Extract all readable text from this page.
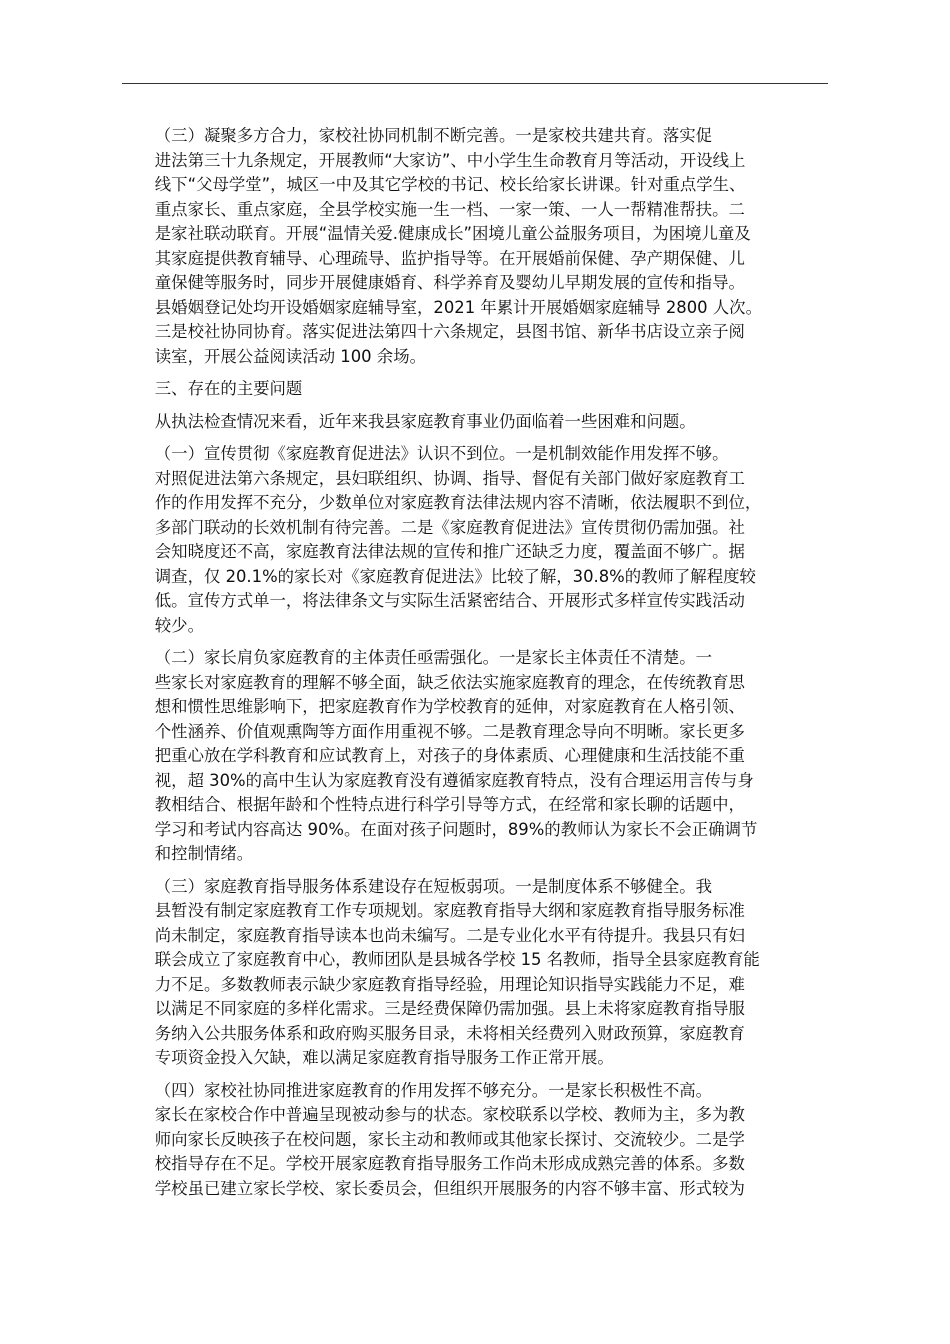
（三）凝聚多方合力，家校社协同机制不断完善。一是家校共建共育。落实促
进法第三十九条规定，开展教师“大家访”、中小学生生命教育月等活动，开设线上
线下“父母学堂”，城区一中及其它学校的书记、校长给家长讲课。针对重点学生、
重点家长、重点家庭，全县学校实施一生一档、一家一策、一人一帮精准帮扶。二
是家社联动联育。开展“温情关爱.健康成长”困境儿童公益服务项目，为困境儿童及
其家庭提供教育辅导、心理疏导、监护指导等。在开展婚前保健、孕产期保健、儿
童保健等服务时，同步开展健康婚育、科学养育及婴幼儿早期发展的宣传和指导。
县婚姻登记处均开设婚姻家庭辅导室，2021 年累计开展婚姻家庭辅导 2800 人次。
三是校社协同协育。落实促进法第四十六条规定，县图书馆、新华书店设立亲子阅
读室，开展公益阅读活动 100 余场。
三、存在的主要问题
从执法检查情况来看，近年来我县家庭教育事业仍面临着一些困难和问题。
（一）宣传贯彻《家庭教育促进法》认识不到位。一是机制效能作用发挥不够。
对照促进法第六条规定，县妇联组织、协调、指导、督促有关部门做好家庭教育工
作的作用发挥不充分，少数单位对家庭教育法律法规内容不清晰，依法履职不到位，
多部门联动的长效机制有待完善。二是《家庭教育促进法》宣传贯彻仍需加强。社
会知晓度还不高，家庭教育法律法规的宣传和推广还缺乏力度，覆盖面不够广。据
调查，仅 20.1%的家长对《家庭教育促进法》比较了解，30.8%的教师了解程度较
低。宣传方式单一，将法律条文与实际生活紧密结合、开展形式多样宣传实践活动
较少。
（二）家长肩负家庭教育的主体责任亟需强化。一是家长主体责任不清楚。一
些家长对家庭教育的理解不够全面，缺乏依法实施家庭教育的理念，在传统教育思
想和惯性思维影响下，把家庭教育作为学校教育的延伸，对家庭教育在人格引领、
个性涵养、价值观熏陶等方面作用重视不够。二是教育理念导向不明晰。家长更多
把重心放在学科教育和应试教育上，对孩子的身体素质、心理健康和生活技能不重
视，超 30%的高中生认为家庭教育没有遵循家庭教育特点，没有合理运用言传与身
教相结合、根据年龄和个性特点进行科学引导等方式，在经常和家长聊的话题中，
学习和考试内容高达 90%。在面对孩子问题时，89%的教师认为家长不会正确调节
和控制情绪。
（三）家庭教育指导服务体系建设存在短板弱项。一是制度体系不够健全。我
县暂没有制定家庭教育工作专项规划。家庭教育指导大纲和家庭教育指导服务标准
尚未制定，家庭教育指导读本也尚未编写。二是专业化水平有待提升。我县只有妇
联会成立了家庭教育中心，教师团队是县城各学校 15 名教师，指导全县家庭教育能
力不足。多数教师表示缺少家庭教育指导经验，用理论知识指导实践能力不足，难
以满足不同家庭的多样化需求。三是经费保障仍需加强。县上未将家庭教育指导服
务纳入公共服务体系和政府购买服务目录，未将相关经费列入财政预算，家庭教育
专项资金投入欠缺，难以满足家庭教育指导服务工作正常开展。
（四）家校社协同推进家庭教育的作用发挥不够充分。一是家长积极性不高。
家长在家校合作中普遍呈现被动参与的状态。家校联系以学校、教师为主，多为教
师向家长反映孩子在校问题，家长主动和教师或其他家长探讨、交流较少。二是学
校指导存在不足。学校开展家庭教育指导服务工作尚未形成成熟完善的体系。多数
学校虽已建立家长学校、家长委员会，但组织开展服务的内容不够丰富、形式较为
